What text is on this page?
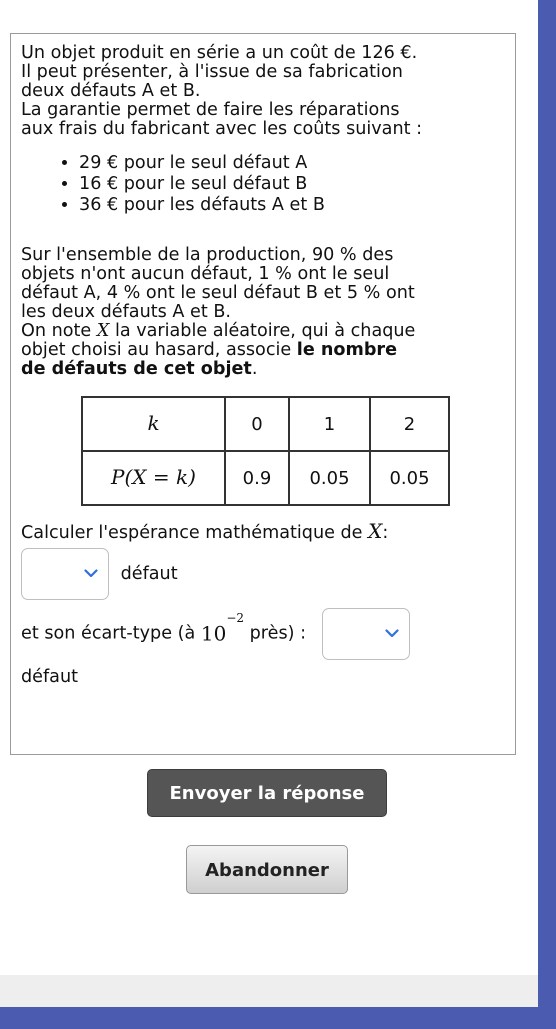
Un objet produit en série a un coût de 126 €.
Il peut présenter, à l'issue de sa fabrication
deux défauts A et B.
La garantie permet de faire les réparations
aux frais du fabricant avec les coûts suivant :

• 29 € pour le seul défaut A
• 16 € pour le seul défaut B
• 36 € pour les défauts A et B

Sur l'ensemble de la production, 90 % des
objets n'ont aucun défaut, 1 % ont le seul
défaut A, 4 % ont le seul défaut B et 5 % ont
les deux défauts A et B.
On note X la variable aléatoire, qui à chaque
objet choisi au hasard, associe le nombre
de défauts de cet objet.

k	0	1	2
P(X = k)	0.9	0.05	0.05

Calculer l'espérance mathématique de X:

défaut
et son écart-type (à $10^{-2}$ près) :

défaut

Envoyer la réponse
Abandonner
